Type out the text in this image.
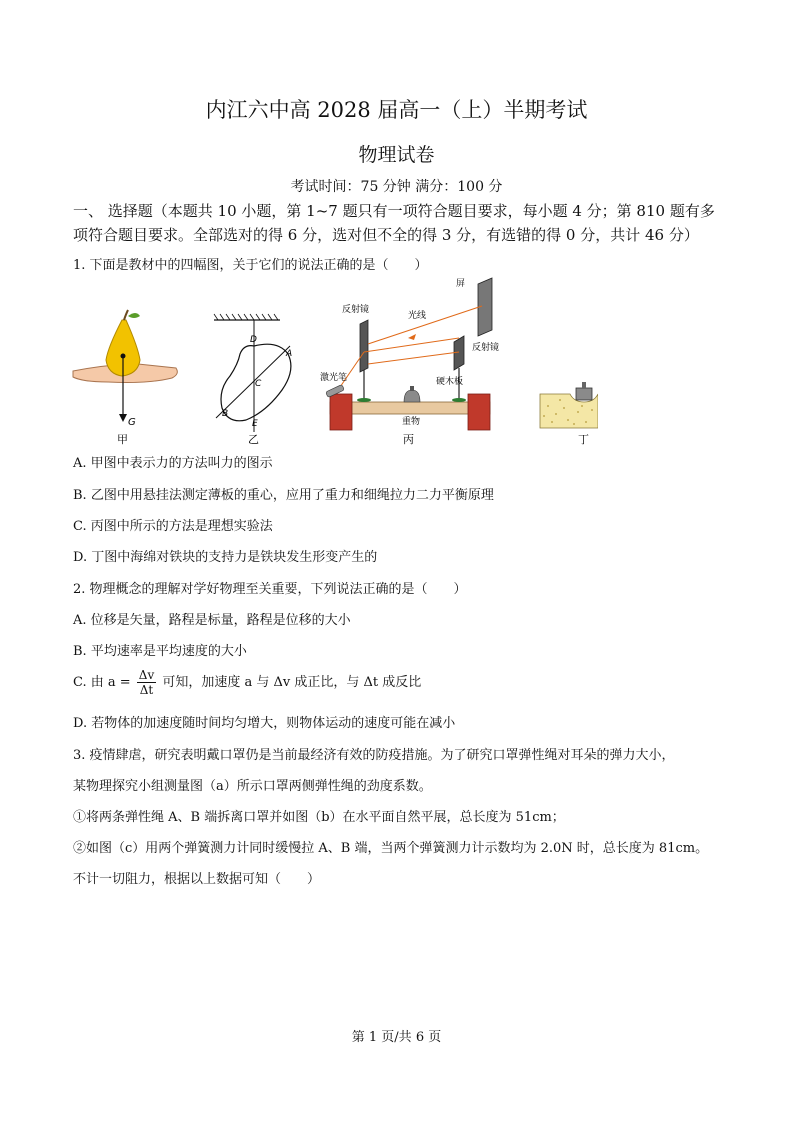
内江六中高 2028 届高一（上）半期考试
物理试卷
考试时间：75 分钟 满分：100 分
一、 选择题（本题共 10 小题，第 1~7 题只有一项符合题目要求，每小题 4 分；第 810 题有多
项符合题目要求。全部选对的得 6 分，选对但不全的得 3 分，有选错的得 0 分，共计 46 分）
1. 下面是教材中的四幅图，关于它们的说法正确的是（　　）
G
甲
D
A
C
B
E
乙
反射镜
光线
屏
反射镜
激光笔	硬木板
重物
丙	丁
A. 甲图中表示力的方法叫力的图示
B. 乙图中用悬挂法测定薄板的重心，应用了重力和细绳拉力二力平衡原理
C. 丙图中所示的方法是理想实验法
D. 丁图中海绵对铁块的支持力是铁块发生形变产生的
2. 物理概念的理解对学好物理至关重要，下列说法正确的是（　　）
A. 位移是矢量，路程是标量，路程是位移的大小
B. 平均速率是平均速度的大小
C. 由 $a = \frac{\Delta v}{\Delta t}$ 可知，加速度 a 与 Δv 成正比，与 Δt 成反比
D. 若物体的加速度随时间均匀增大，则物体运动的速度可能在减小
3. 疫情肆虐，研究表明戴口罩仍是当前最经济有效的防疫措施。为了研究口罩弹性绳对耳朵的弹力大小，
某物理探究小组测量图（a）所示口罩两侧弹性绳的劲度系数。
①将两条弹性绳 A、B 端拆离口罩并如图（b）在水平面自然平展，总长度为 51cm；
②如图（c）用两个弹簧测力计同时缓慢拉 A、B 端，当两个弹簧测力计示数均为 2.0N 时，总长度为 81cm。
不计一切阻力，根据以上数据可知（　　）
第 1 页/共 6 页
